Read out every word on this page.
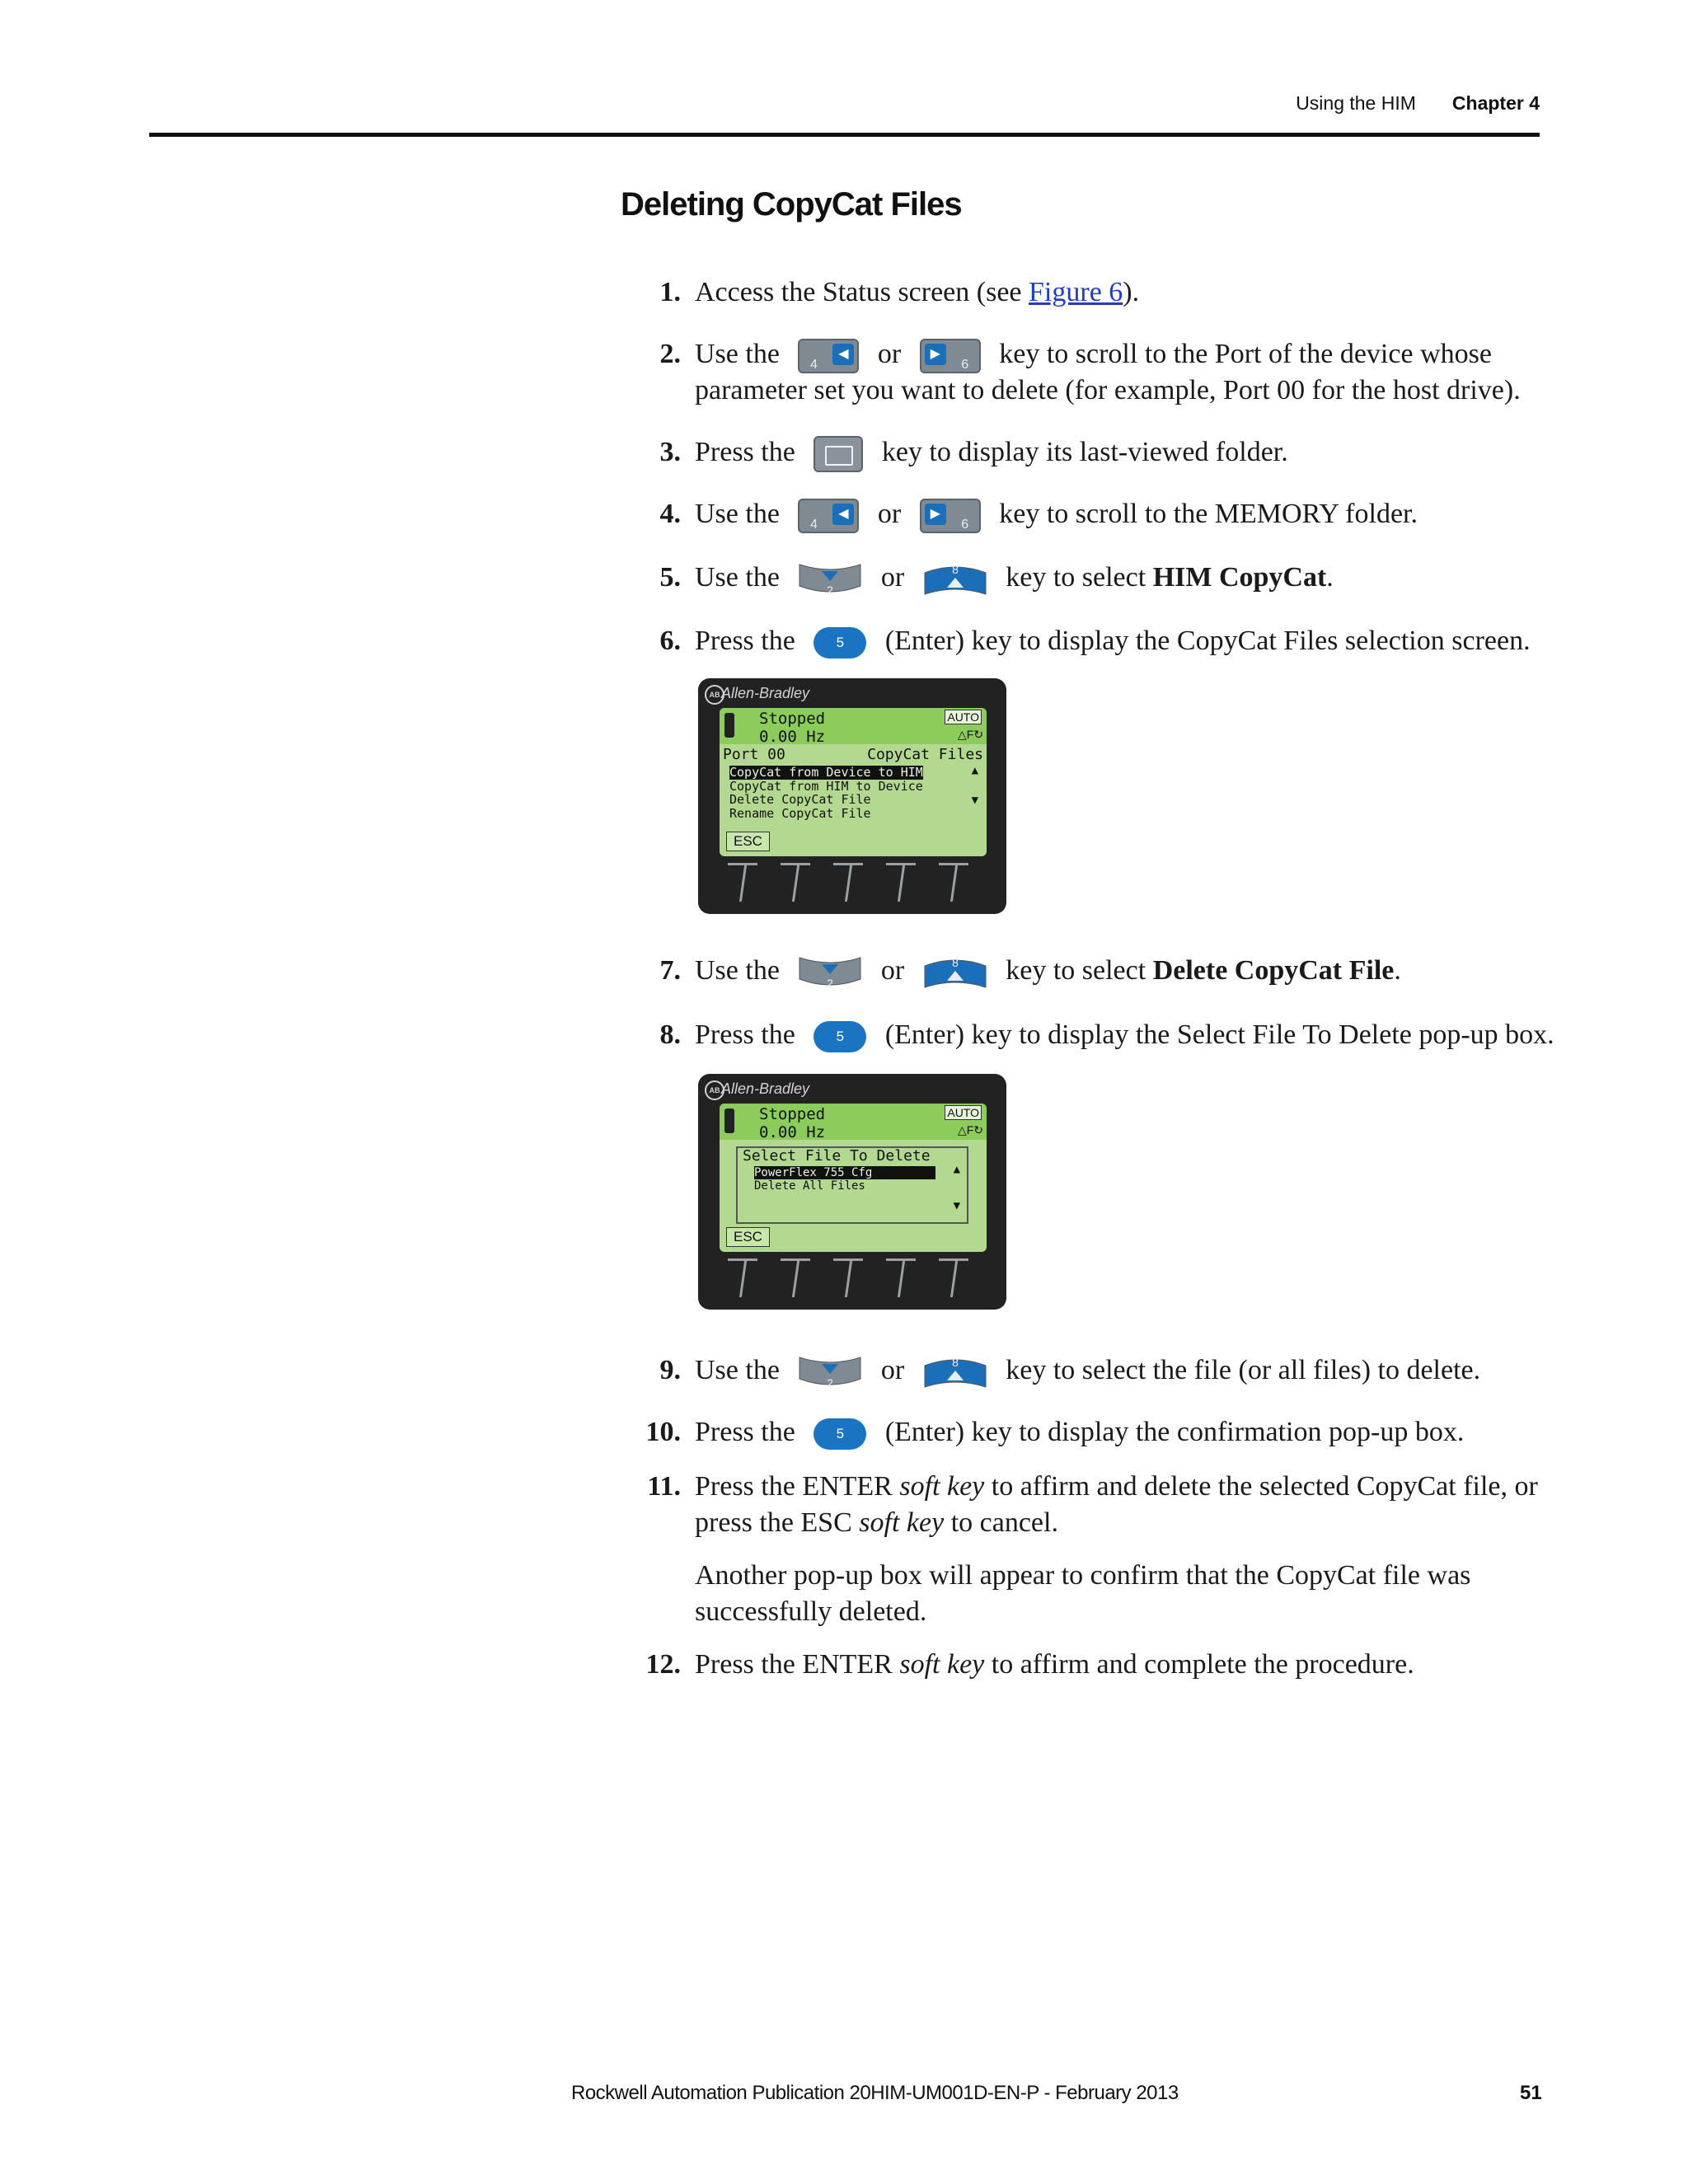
Using the HIM Chapter 4
Deleting CopyCat Files
1. Access the Status screen (see Figure 6).
2. Use the	4
◀ or	▶
6	key to scroll to the Port of the device whose
parameter set you want to delete (for example, Port 00 for the host drive).
3. Press the	key to display its last-viewed folder.
4. Use the	4
◀ or	▶
6	key to scroll to the MEMORY folder.
5. Use the	2 or	8 key to select HIM CopyCat.
6. Press the	5 (Enter) key to display the CopyCat Files selection screen.
AB Allen-Bradley
Stopped
0.00 Hz
AUTO
△F↻
Port 00	CopyCat Files
CopyCat from Device to HIM
CopyCat from HIM to Device
Delete CopyCat File
Rename CopyCat File
▲
▼
ESC
7. Use the	2 or	8 key to select Delete CopyCat File.
8. Press the	5 (Enter) key to display the Select File To Delete pop-up box.
AB Allen-Bradley
Stopped
0.00 Hz
AUTO
△F↻
Select File To Delete
PowerFlex 755 Cfg
Delete All Files
▲
▼
ESC
9. Use the	2 or	8 key to select the file (or all files) to delete.
10. Press the	5 (Enter) key to display the confirmation pop-up box.
11. Press the ENTER soft key to affirm and delete the selected CopyCat file, or press the ESC soft key to cancel.
Another pop-up box will appear to confirm that the CopyCat file was successfully deleted.
12. Press the ENTER soft key to affirm and complete the procedure.
Rockwell Automation Publication 20HIM-UM001D-EN-P - February 2013	51
